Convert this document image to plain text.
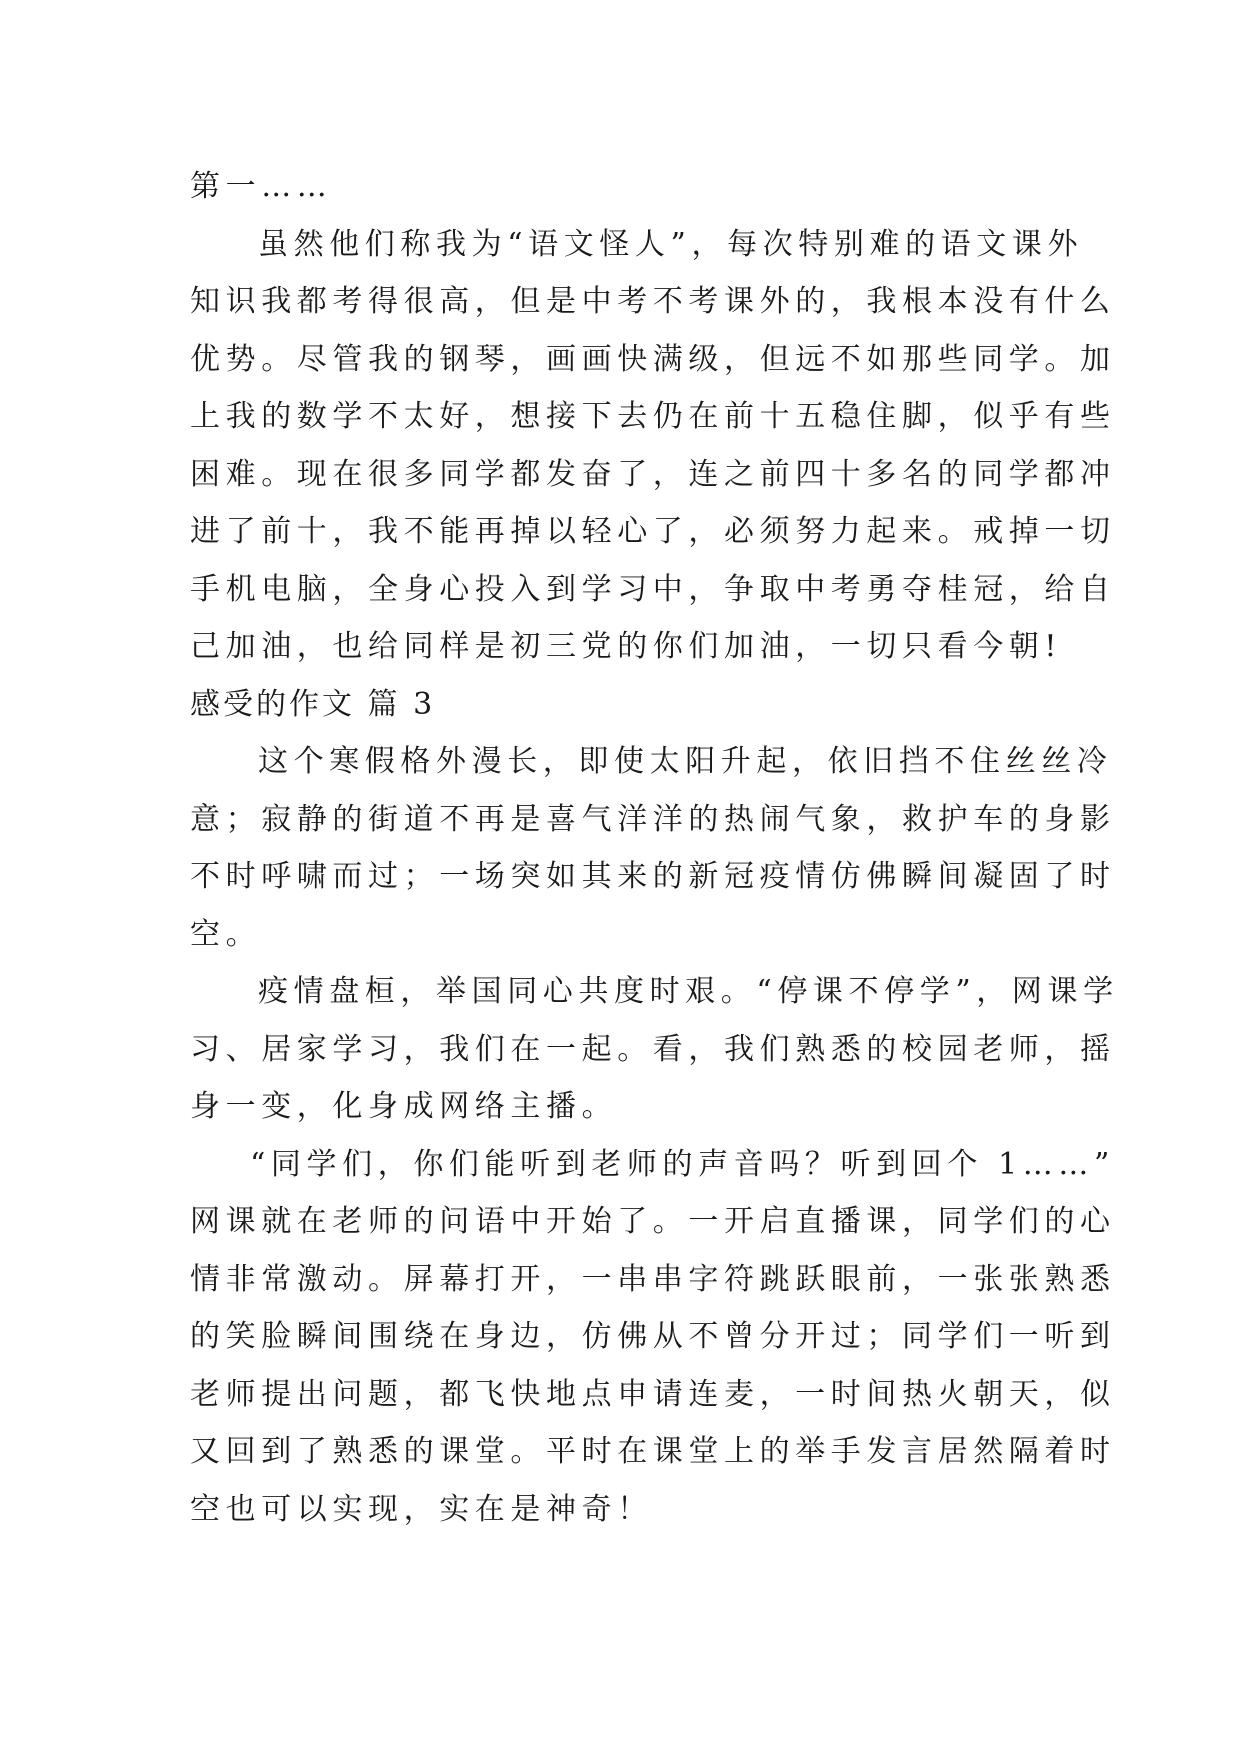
第一……

虽然他们称我为“语文怪人”，每次特别难的语文课外

知识我都考得很高，但是中考不考课外的，我根本没有什么

优势。尽管我的钢琴，画画快满级，但远不如那些同学。加

上我的数学不太好，想接下去仍在前十五稳住脚，似乎有些

困难。现在很多同学都发奋了，连之前四十多名的同学都冲

进了前十，我不能再掉以轻心了，必须努力起来。戒掉一切

手机电脑，全身心投入到学习中，争取中考勇夺桂冠，给自

己加油，也给同样是初三党的你们加油，一切只看今朝!

感受的作文 篇 3

这个寒假格外漫长，即使太阳升起，依旧挡不住丝丝冷

意；寂静的街道不再是喜气洋洋的热闹气象，救护车的身影

不时呼啸而过；一场突如其来的新冠疫情仿佛瞬间凝固了时

空。

疫情盘桓，举国同心共度时艰。“停课不停学”，网课学

习、居家学习，我们在一起。看，我们熟悉的校园老师，摇

身一变，化身成网络主播。

“同学们，你们能听到老师的声音吗？听到回个 1……”

网课就在老师的问语中开始了。一开启直播课，同学们的心

情非常激动。屏幕打开，一串串字符跳跃眼前，一张张熟悉

的笑脸瞬间围绕在身边，仿佛从不曾分开过；同学们一听到

老师提出问题，都飞快地点申请连麦，一时间热火朝天，似

又回到了熟悉的课堂。平时在课堂上的举手发言居然隔着时

空也可以实现，实在是神奇！
